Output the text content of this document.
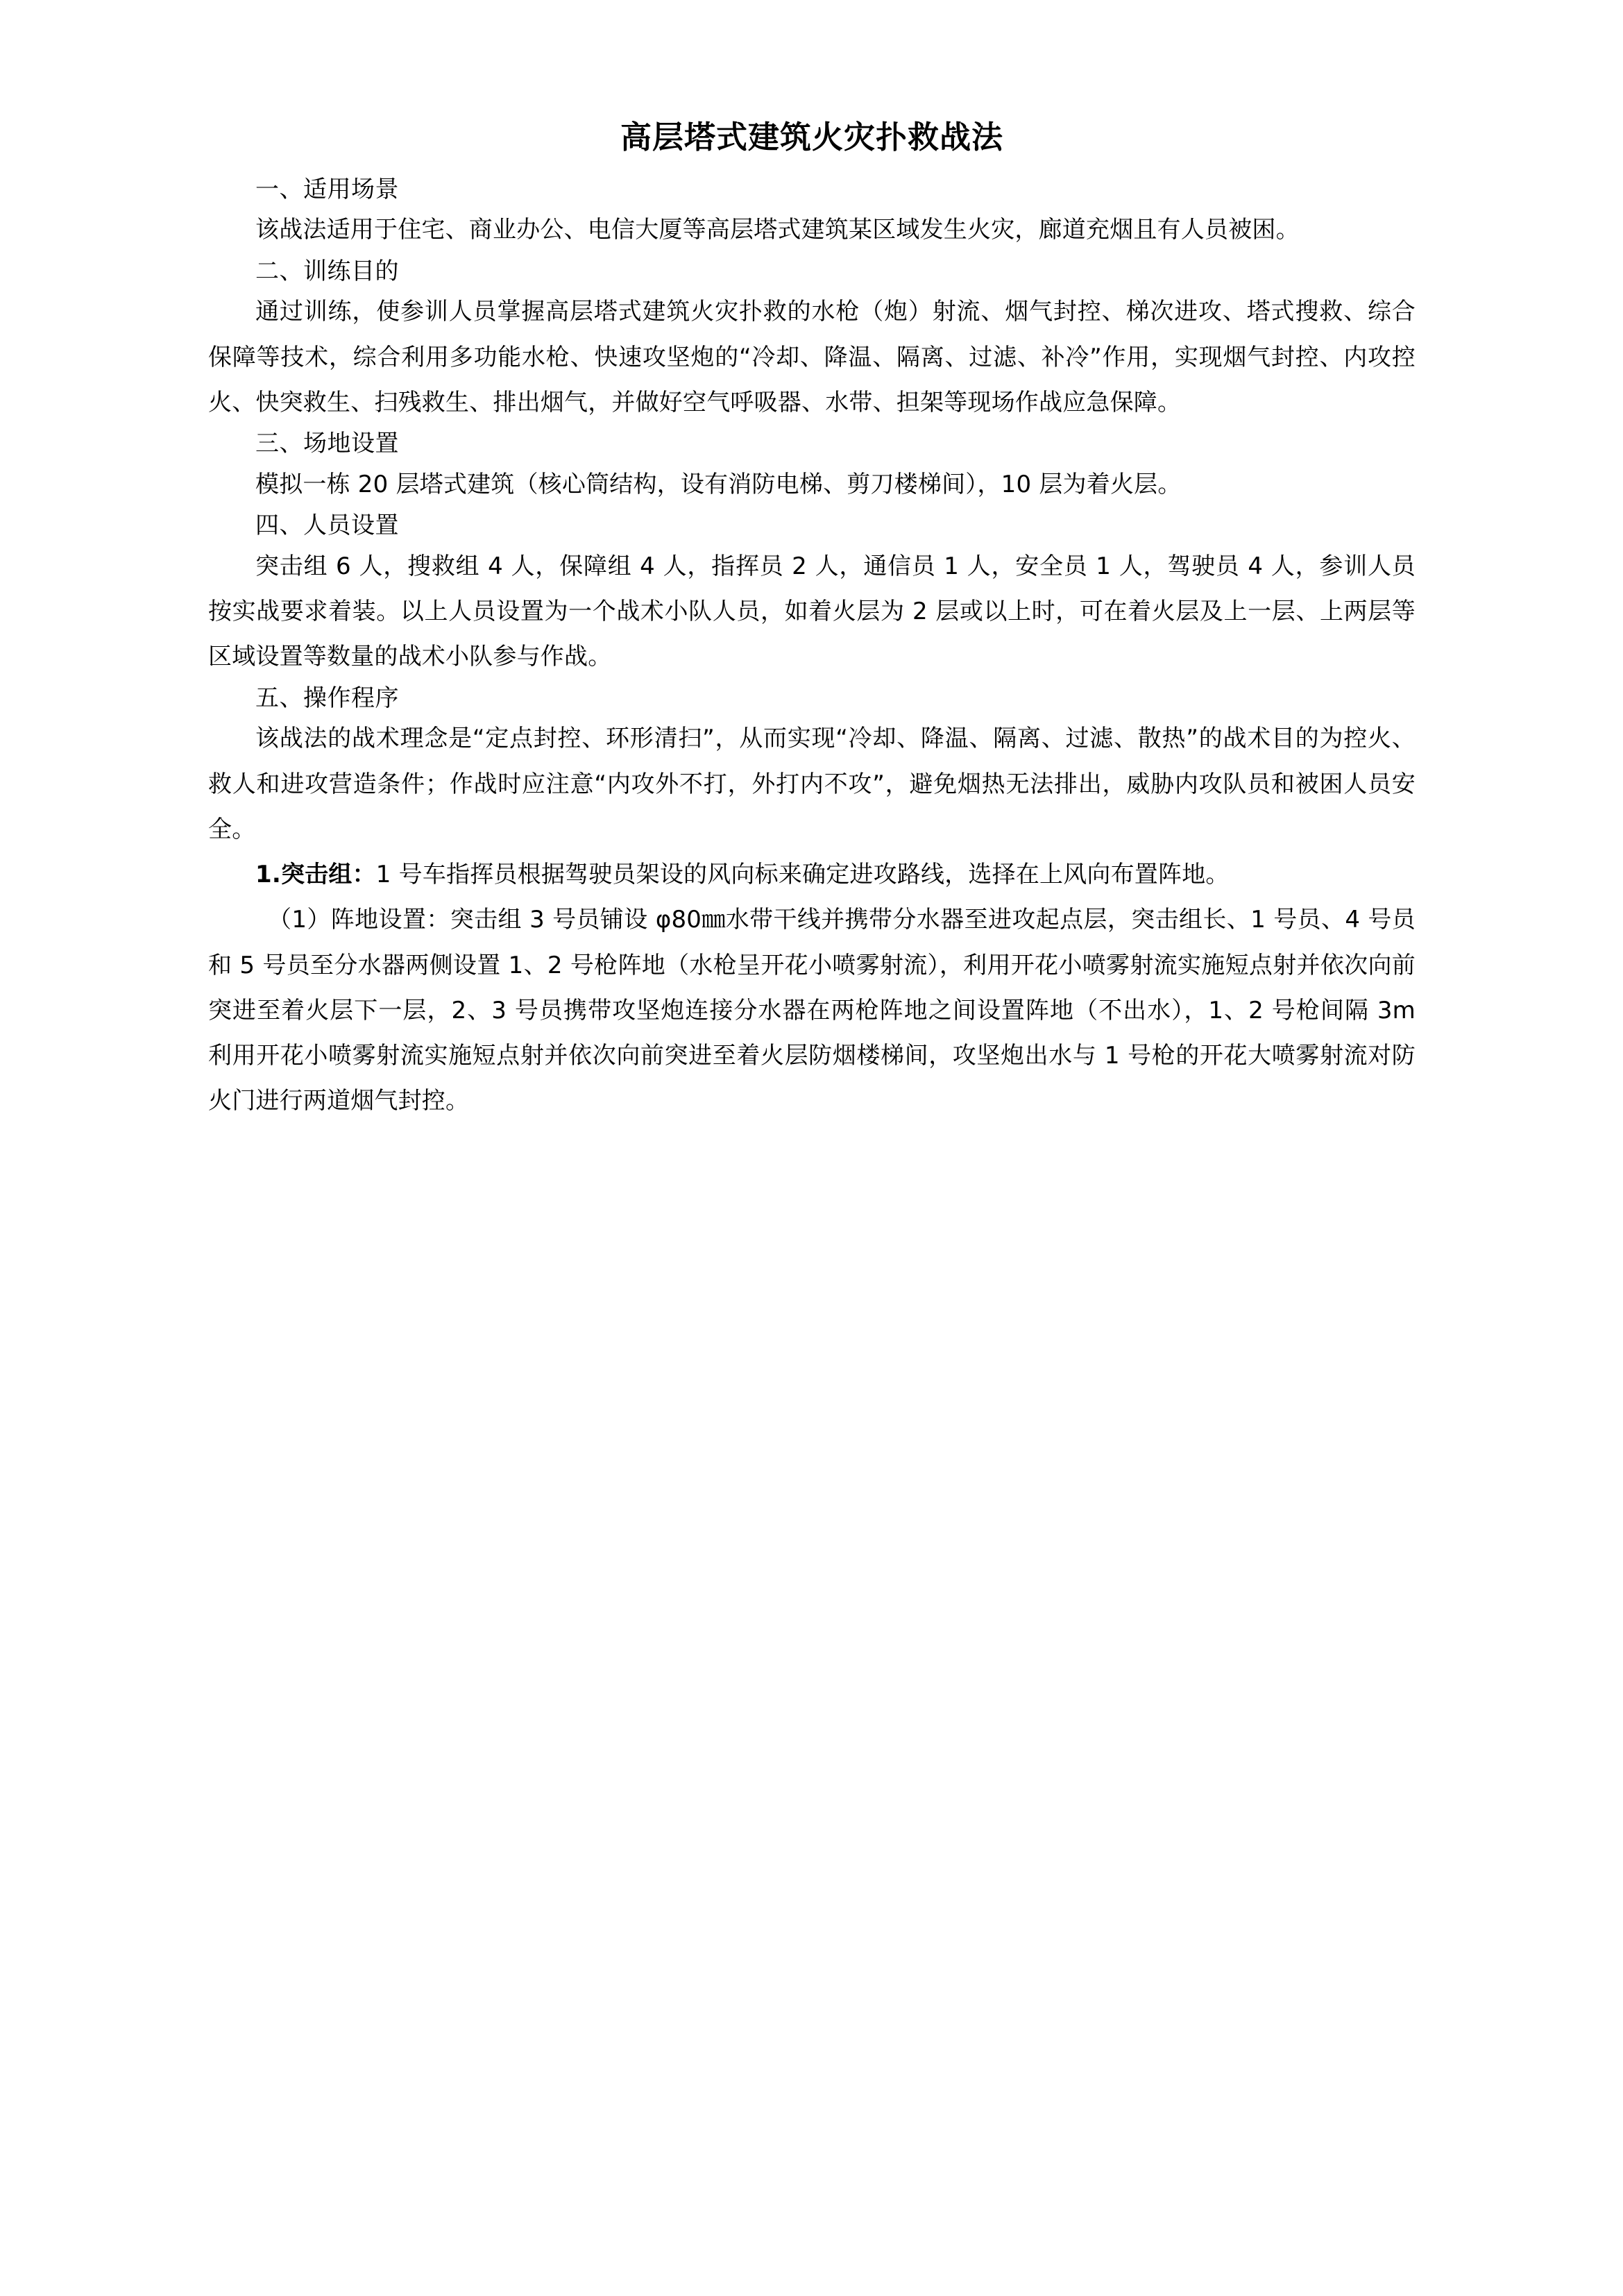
高层塔式建筑火灾扑救战法

一、适用场景

该战法适用于住宅、商业办公、电信大厦等高层塔式建筑某区域发生火灾，廊道充烟且有人员被困。

二、训练目的

通过训练，使参训人员掌握高层塔式建筑火灾扑救的水枪（炮）射流、烟气封控、梯次进攻、塔式搜救、综合保障等技术，综合利用多功能水枪、快速攻坚炮的“冷却、降温、隔离、过滤、补冷”作用，实现烟气封控、内攻控火、快突救生、扫残救生、排出烟气，并做好空气呼吸器、水带、担架等现场作战应急保障。

三、场地设置

模拟一栋 20 层塔式建筑（核心筒结构，设有消防电梯、剪刀楼梯间），10 层为着火层。

四、人员设置

突击组 6 人，搜救组 4 人，保障组 4 人，指挥员 2 人，通信员 1 人，安全员 1 人，驾驶员 4 人，参训人员按实战要求着装。以上人员设置为一个战术小队人员，如着火层为 2 层或以上时，可在着火层及上一层、上两层等区域设置等数量的战术小队参与作战。

五、操作程序

该战法的战术理念是“定点封控、环形清扫”，从而实现“冷却、降温、隔离、过滤、散热”的战术目的为控火、救人和进攻营造条件；作战时应注意“内攻外不打，外打内不攻”，避免烟热无法排出，威胁内攻队员和被困人员安全。

1.突击组：1 号车指挥员根据驾驶员架设的风向标来确定进攻路线，选择在上风向布置阵地。

（1）阵地设置：突击组 3 号员铺设 φ80㎜水带干线并携带分水器至进攻起点层，突击组长、1 号员、4 号员和 5 号员至分水器两侧设置 1、2 号枪阵地（水枪呈开花小喷雾射流），利用开花小喷雾射流实施短点射并依次向前突进至着火层下一层，2、3 号员携带攻坚炮连接分水器在两枪阵地之间设置阵地（不出水），1、2 号枪间隔 3m 利用开花小喷雾射流实施短点射并依次向前突进至着火层防烟楼梯间，攻坚炮出水与 1 号枪的开花大喷雾射流对防火门进行两道烟气封控。
